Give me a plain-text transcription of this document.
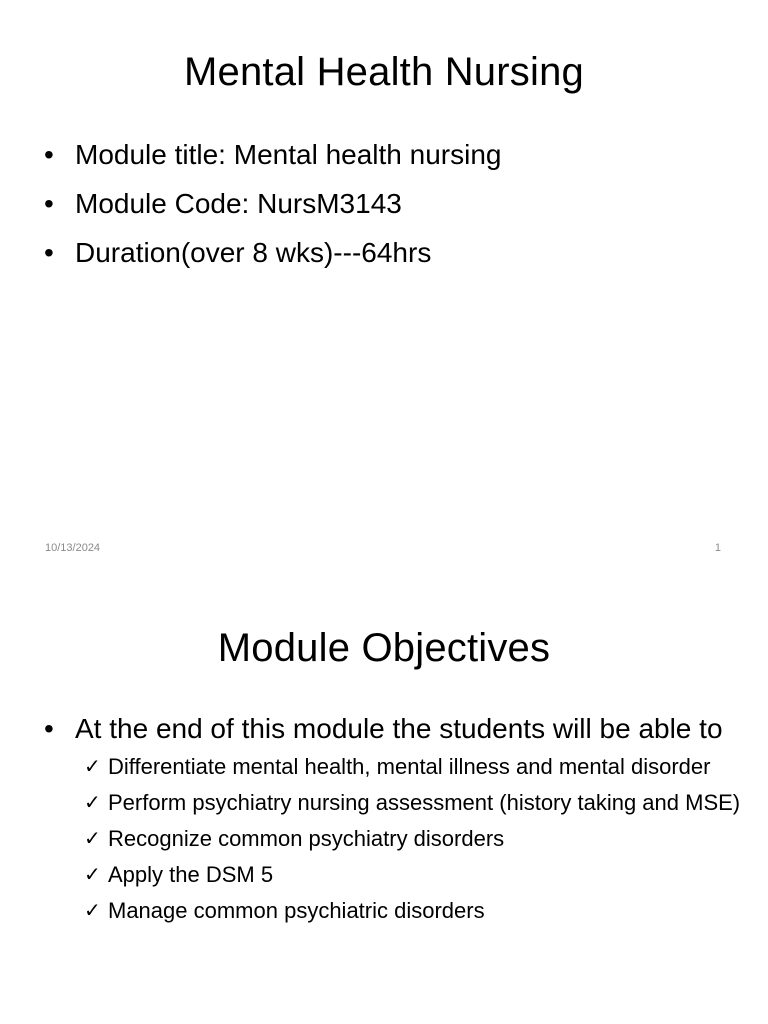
Mental Health Nursing
• Module title: Mental health nursing
• Module Code: NursM3143
• Duration(over 8 wks)---64hrs
10/13/2024	1
Module Objectives
• At the end of this module the students will be able to
✓ Differentiate mental health, mental illness and mental disorder
✓ Perform psychiatry nursing assessment (history taking and MSE)
✓ Recognize common psychiatry disorders
✓ Apply the DSM 5
✓ Manage common psychiatric disorders
